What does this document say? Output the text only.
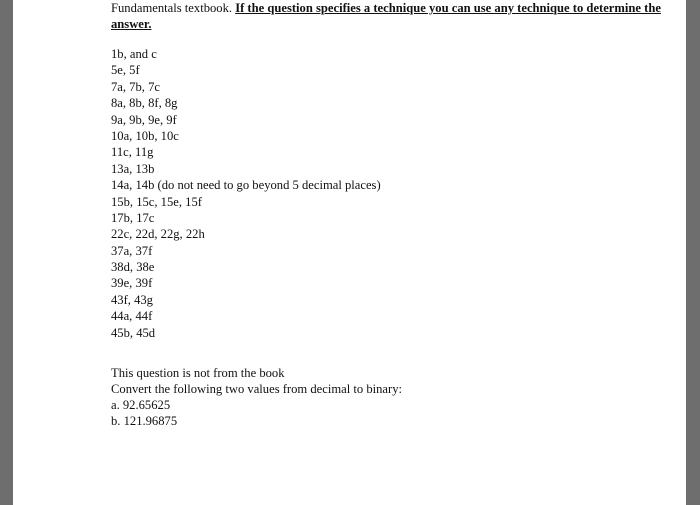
Fundamentals textbook. If the question specifies a technique you can use any technique to determine the answer.

1b, and c
5e, 5f
7a, 7b, 7c
8a, 8b, 8f, 8g
9a, 9b, 9e, 9f
10a, 10b, 10c
11c, 11g
13a, 13b
14a, 14b (do not need to go beyond 5 decimal places)
15b, 15c, 15e, 15f
17b, 17c
22c, 22d, 22g, 22h
37a, 37f
38d, 38e
39e, 39f
43f, 43g
44a, 44f
45b, 45d
This question is not from the book
Convert the following two values from decimal to binary:
a. 92.65625
b. 121.96875
